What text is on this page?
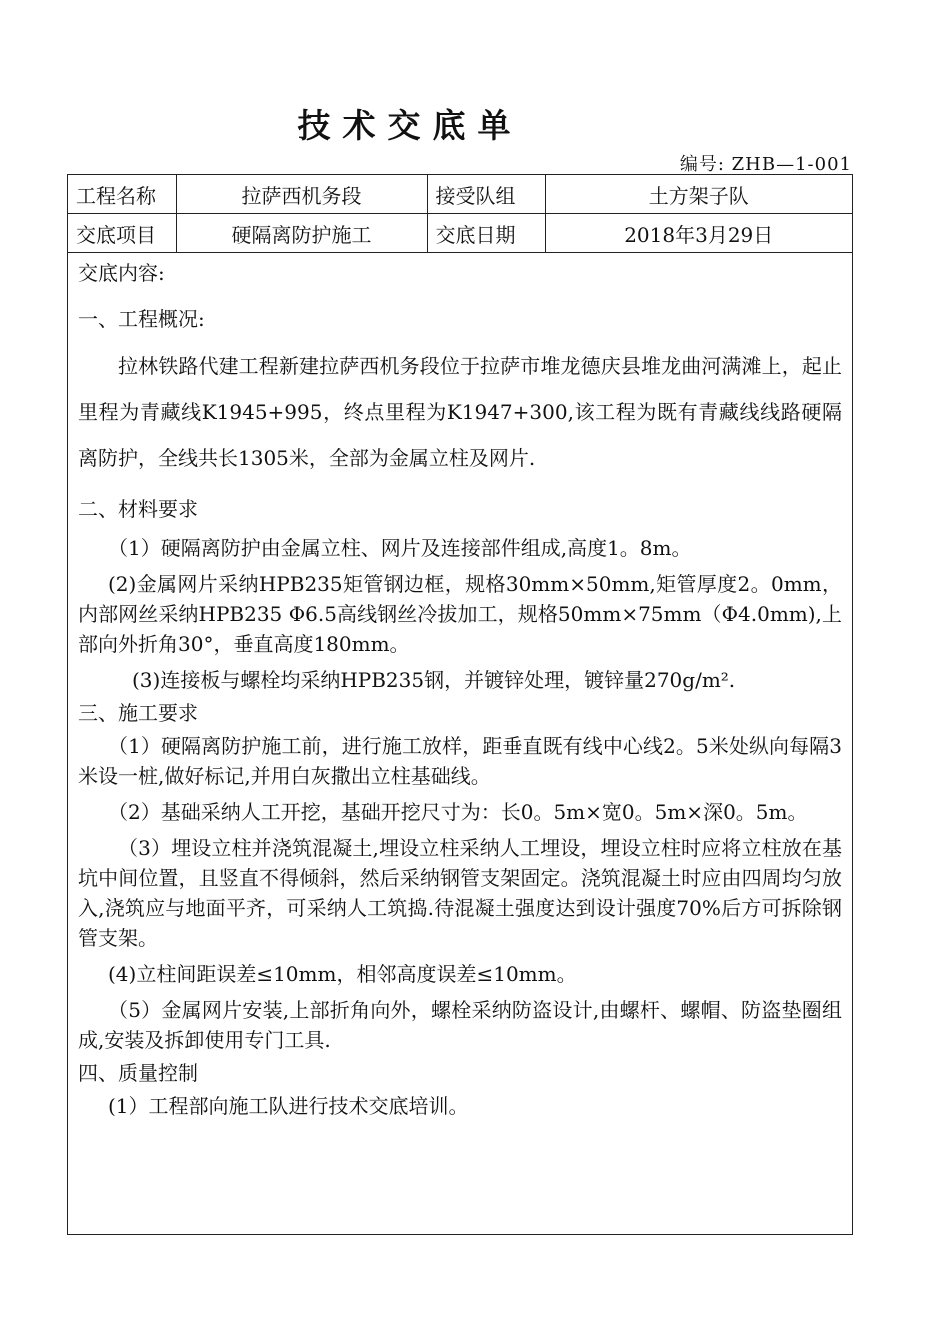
技术交底单
编号: ZHB—1-001
工程名称	拉萨西机务段	接受队组	土方架子队
交底项目	硬隔离防护施工	交底日期	2018年3月29日

交底内容:

一、工程概况:

拉林铁路代建工程新建拉萨西机务段位于拉萨市堆龙德庆县堆龙曲河满滩上，起止里程为青藏线K1945+995，终点里程为K1947+300,该工程为既有青藏线线路硬隔离防护，全线共长1305米，全部为金属立柱及网片.

二、材料要求

（1）硬隔离防护由金属立柱、网片及连接部件组成,高度1。8m。

(2)金属网片采纳HPB235矩管钢边框，规格30mm×50mm,矩管厚度2。0mm，内部网丝采纳HPB235 Φ6.5高线钢丝冷拔加工，规格50mm×75mm（Φ4.0mm),上部向外折角30°，垂直高度180mm。

(3)连接板与螺栓均采纳HPB235钢，并镀锌处理，镀锌量270g/m².

三、施工要求

（1）硬隔离防护施工前，进行施工放样，距垂直既有线中心线2。5米处纵向每隔3米设一桩,做好标记,并用白灰撒出立柱基础线。

（2）基础采纳人工开挖，基础开挖尺寸为：长0。5m×宽0。5m×深0。5m。

（3）埋设立柱并浇筑混凝土,埋设立柱采纳人工埋设，埋设立柱时应将立柱放在基坑中间位置，且竖直不得倾斜，然后采纳钢管支架固定。浇筑混凝土时应由四周均匀放入,浇筑应与地面平齐，可采纳人工筑捣.待混凝土强度达到设计强度70%后方可拆除钢管支架。

(4)立柱间距误差≤10mm，相邻高度误差≤10mm。

（5）金属网片安装,上部折角向外，螺栓采纳防盗设计,由螺杆、螺帽、防盗垫圈组成,安装及拆卸使用专门工具.

四、质量控制

(1）工程部向施工队进行技术交底培训。
